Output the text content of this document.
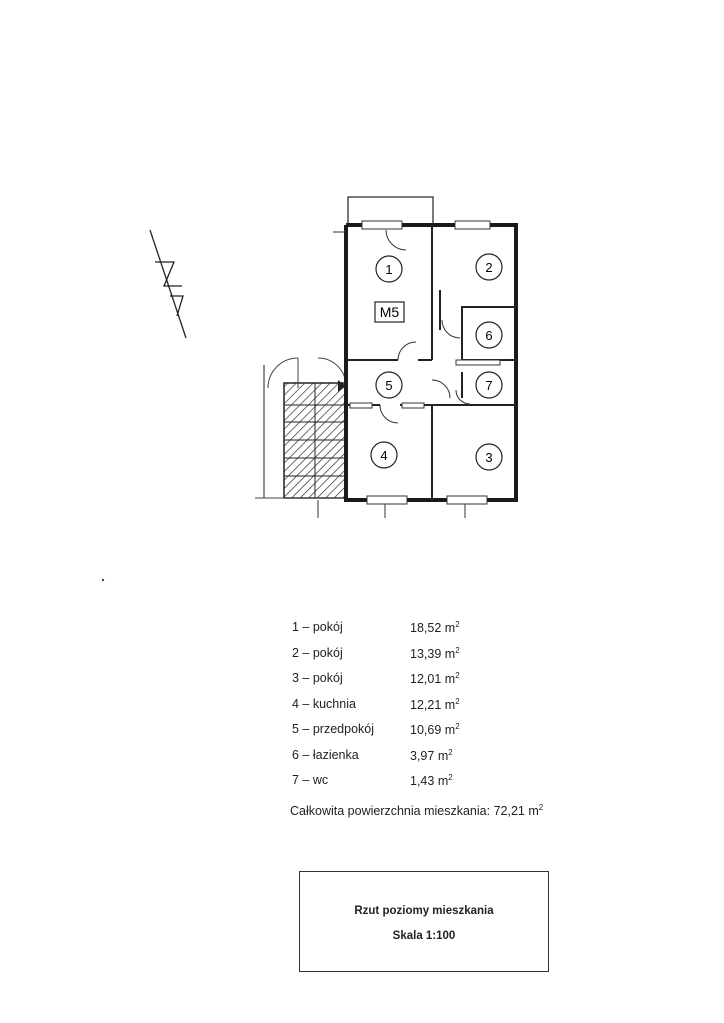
1	2
3
4
5
6
7
M5
1 – pokój	18,52 $m^2$
2 – pokój	13,39 $m^2$
3 – pokój	12,01 $m^2$
4 – kuchnia	12,21 $m^2$
5 – przedpokój	10,69 $m^2$
6 – łazienka	3,97 $m^2$
7 – wc	1,43 $m^2$
Całkowita powierzchnia mieszkania: 72,21 $m^2$
Rzut poziomy mieszkania
Skala 1:100
